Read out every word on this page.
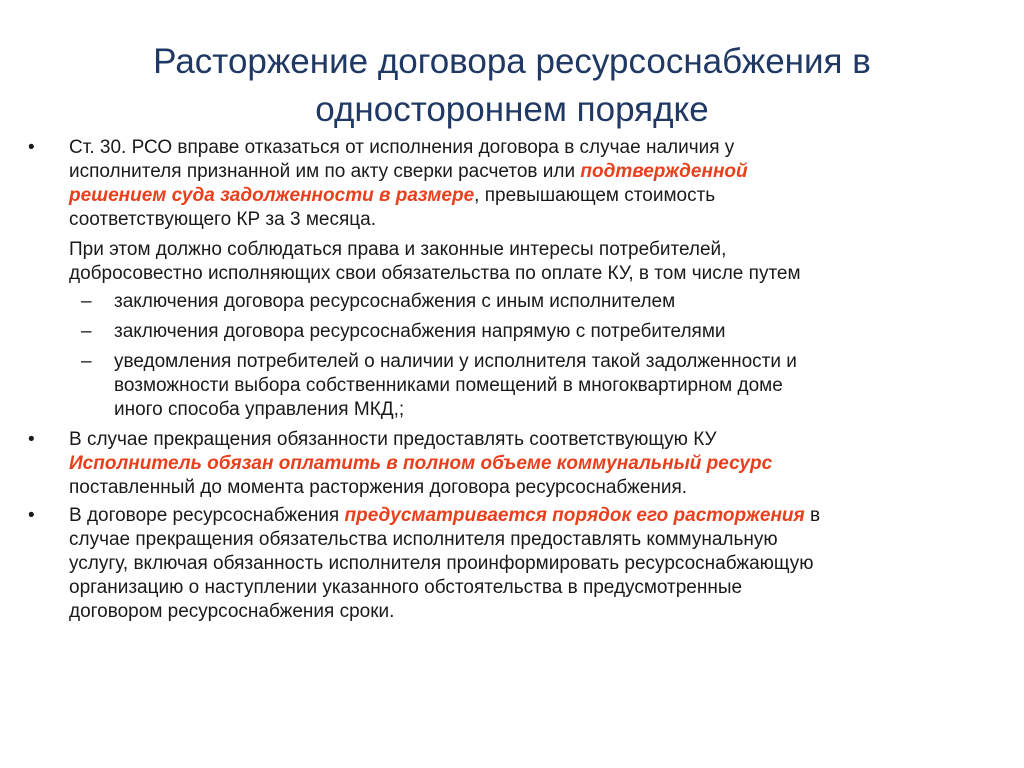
Расторжение договора ресурсоснабжения в
одностороннем порядке
•	Ст. 30. РСО вправе отказаться от исполнения договора в случае наличия у
исполнителя признанной им по акту сверки расчетов или подтвержденной
решением суда задолженности в размере, превышающем стоимость
соответствующего КР за 3 месяца.
При этом должно соблюдаться права и законные интересы потребителей,
добросовестно исполняющих свои обязательства по оплате КУ, в том числе путем
–	заключения договора ресурсоснабжения с иным исполнителем
–	заключения договора ресурсоснабжения напрямую с потребителями
–	уведомления потребителей о наличии у исполнителя такой задолженности и
возможности выбора собственниками помещений в многоквартирном доме
иного способа управления МКД,;
•	В случае прекращения обязанности предоставлять соответствующую КУ
Исполнитель обязан оплатить в полном объеме коммунальный ресурс
поставленный до момента расторжения договора ресурсоснабжения.
•	В договоре ресурсоснабжения предусматривается порядок его расторжения в
случае прекращения обязательства исполнителя предоставлять коммунальную
услугу, включая обязанность исполнителя проинформировать ресурсоснабжающую
организацию о наступлении указанного обстоятельства в предусмотренные
договором ресурсоснабжения сроки.
